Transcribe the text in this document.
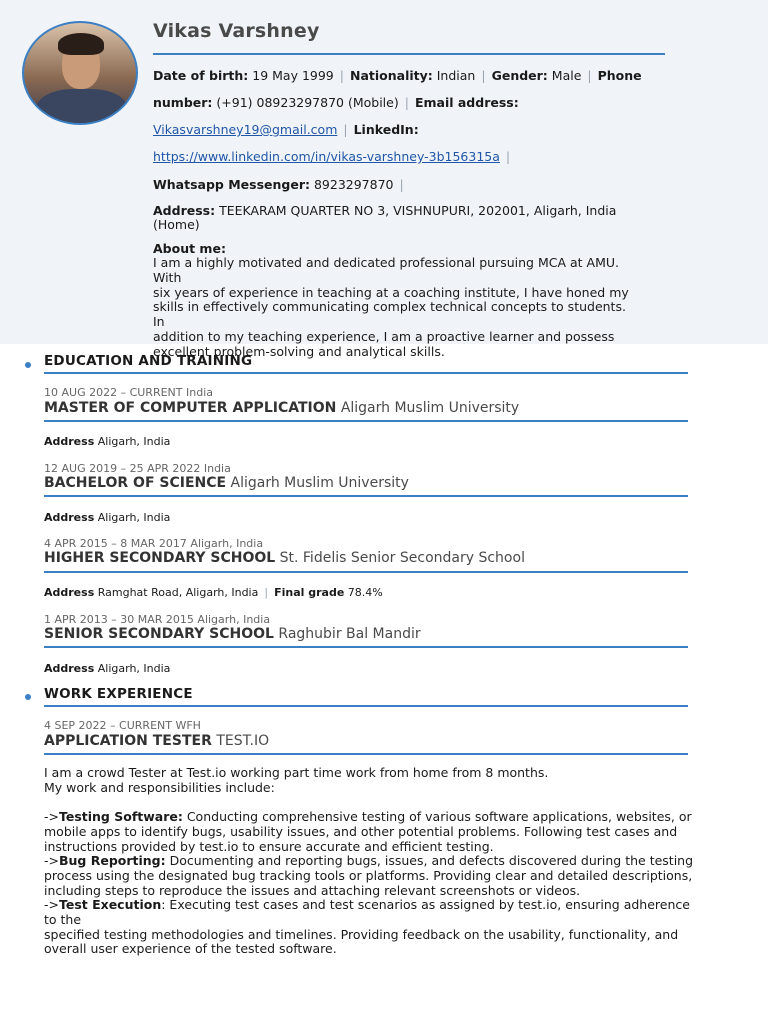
Vikas Varshney
Date of birth: 19 May 1999 | Nationality: Indian | Gender: Male | Phone
number: (+91) 08923297870 (Mobile) | Email address:
Vikasvarshney19@gmail.com | LinkedIn:
https://www.linkedin.com/in/vikas-varshney-3b156315a |
Whatsapp Messenger: 8923297870 |
Address: TEEKARAM QUARTER NO 3, VISHNUPURI, 202001, Aligarh, India
(Home)
About me:
I am a highly motivated and dedicated professional pursuing MCA at AMU. With
six years of experience in teaching at a coaching institute, I have honed my
skills in effectively communicating complex technical concepts to students. In
addition to my teaching experience, I am a proactive learner and possess
excellent problem-solving and analytical skills.
EDUCATION AND TRAINING
10 AUG 2022 – CURRENT India
MASTER OF COMPUTER APPLICATION Aligarh Muslim University
Address Aligarh, India
12 AUG 2019 – 25 APR 2022 India
BACHELOR OF SCIENCE Aligarh Muslim University
Address Aligarh, India
4 APR 2015 – 8 MAR 2017 Aligarh, India
HIGHER SECONDARY SCHOOL St. Fidelis Senior Secondary School
Address Ramghat Road, Aligarh, India | Final grade 78.4%
1 APR 2013 – 30 MAR 2015 Aligarh, India
SENIOR SECONDARY SCHOOL Raghubir Bal Mandir
Address Aligarh, India
WORK EXPERIENCE
4 SEP 2022 – CURRENT WFH
APPLICATION TESTER TEST.IO

I am a crowd Tester at Test.io working part time work from home from 8 months.

My work and responsibilities include:

->Testing Software: Conducting comprehensive testing of various software applications, websites, or

mobile apps to identify bugs, usability issues, and other potential problems. Following test cases and

instructions provided by test.io to ensure accurate and efficient testing.

->Bug Reporting: Documenting and reporting bugs, issues, and defects discovered during the testing

process using the designated bug tracking tools or platforms. Providing clear and detailed descriptions,

including steps to reproduce the issues and attaching relevant screenshots or videos.

->Test Execution: Executing test cases and test scenarios as assigned by test.io, ensuring adherence to the

specified testing methodologies and timelines. Providing feedback on the usability, functionality, and

overall user experience of the tested software.
